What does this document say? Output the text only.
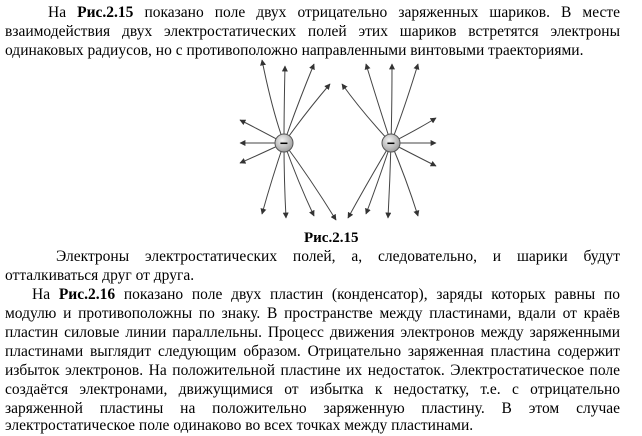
На Рис.2.15 показано поле двух отрицательно заряженных шариков. В месте
взаимодействия двух электростатических полей этих шариков встретятся электроны
одинаковых радиусов, но с противоположно направленными винтовыми траекториями.
−	−
Рис.2.15
Электроны электростатических полей, а, следовательно, и шарики будут
отталкиваться друг от друга.
На Рис.2.16 показано поле двух пластин (конденсатор), заряды которых равны по
модулю и противоположны по знаку. В пространстве между пластинами, вдали от краёв
пластин силовые линии параллельны. Процесс движения электронов между заряженными
пластинами выглядит следующим образом. Отрицательно заряженная пластина содержит
избыток электронов. На положительной пластине их недостаток. Электростатическое поле
создаётся электронами, движущимися от избытка к недостатку, т.е. с отрицательно
заряженной пластины на положительно заряженную пластину. В этом случае
электростатическое поле одинаково во всех точках между пластинами.
